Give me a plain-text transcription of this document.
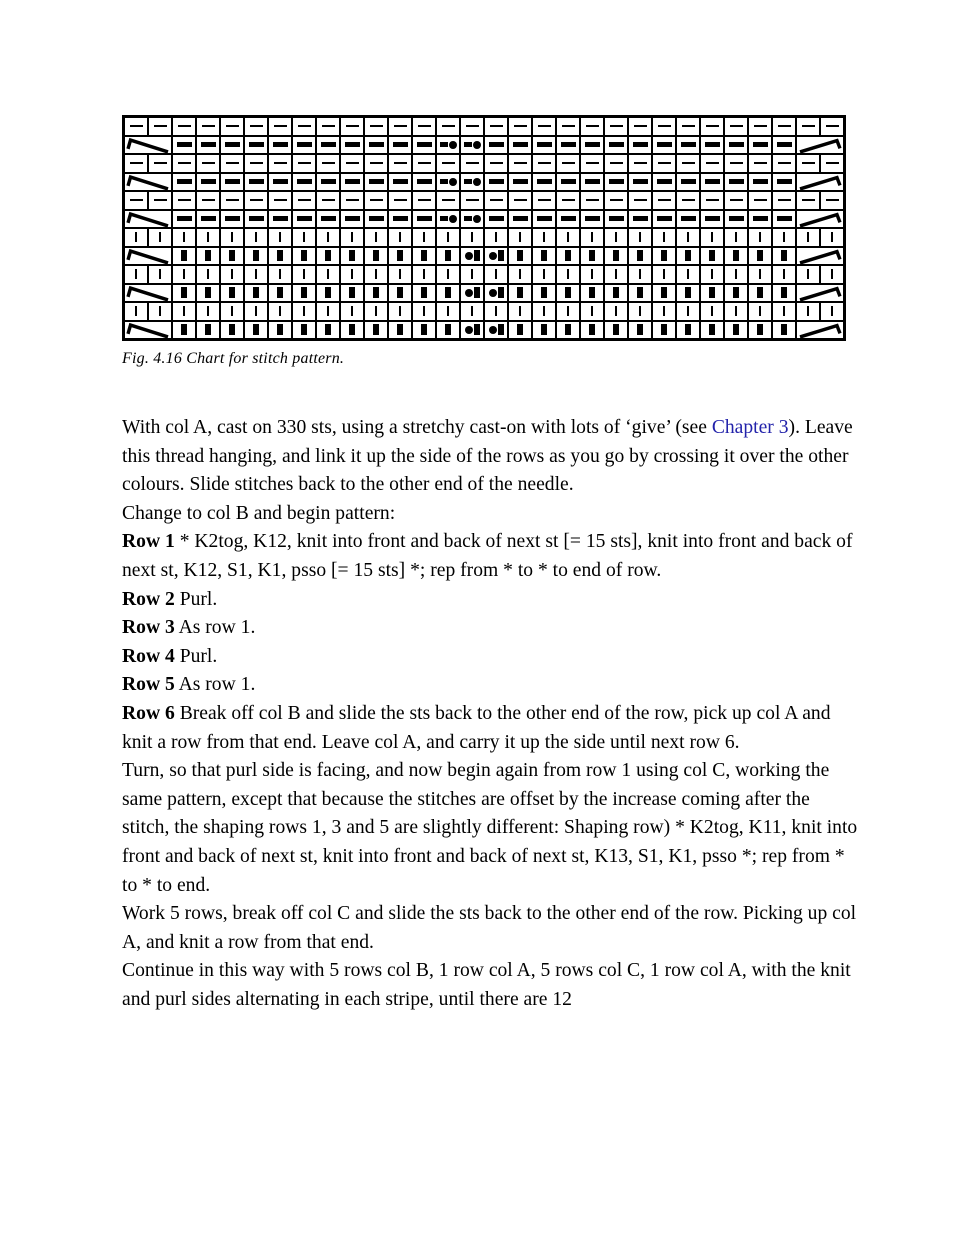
Fig. 4.16 Chart for stitch pattern.

With col A, cast on 330 sts, using a stretchy cast-on with lots of ‘give’ (see Chapter 3). Leave this thread hanging, and link it up the side of the rows as you go by crossing it over the other colours. Slide stitches back to the other end of the needle.

Change to col B and begin pattern:

Row 1 * K2tog, K12, knit into front and back of next st [= 15 sts], knit into front and back of next st, K12, S1, K1, psso [= 15 sts] *; rep from * to * to end of row.

Row 2 Purl.

Row 3 As row 1.

Row 4 Purl.

Row 5 As row 1.

Row 6 Break off col B and slide the sts back to the other end of the row, pick up col A and knit a row from that end. Leave col A, and carry it up the side until next row 6.

Turn, so that purl side is facing, and now begin again from row 1 using col C, working the same pattern, except that because the stitches are offset by the increase coming after the stitch, the shaping rows 1, 3 and 5 are slightly different: Shaping row) * K2tog, K11, knit into front and back of next st, knit into front and back of next st, K13, S1, K1, psso *; rep from * to * to end.

Work 5 rows, break off col C and slide the sts back to the other end of the row. Picking up col A, and knit a row from that end.

Continue in this way with 5 rows col B, 1 row col A, 5 rows col C, 1 row col A, with the knit and purl sides alternating in each stripe, until there are 12
